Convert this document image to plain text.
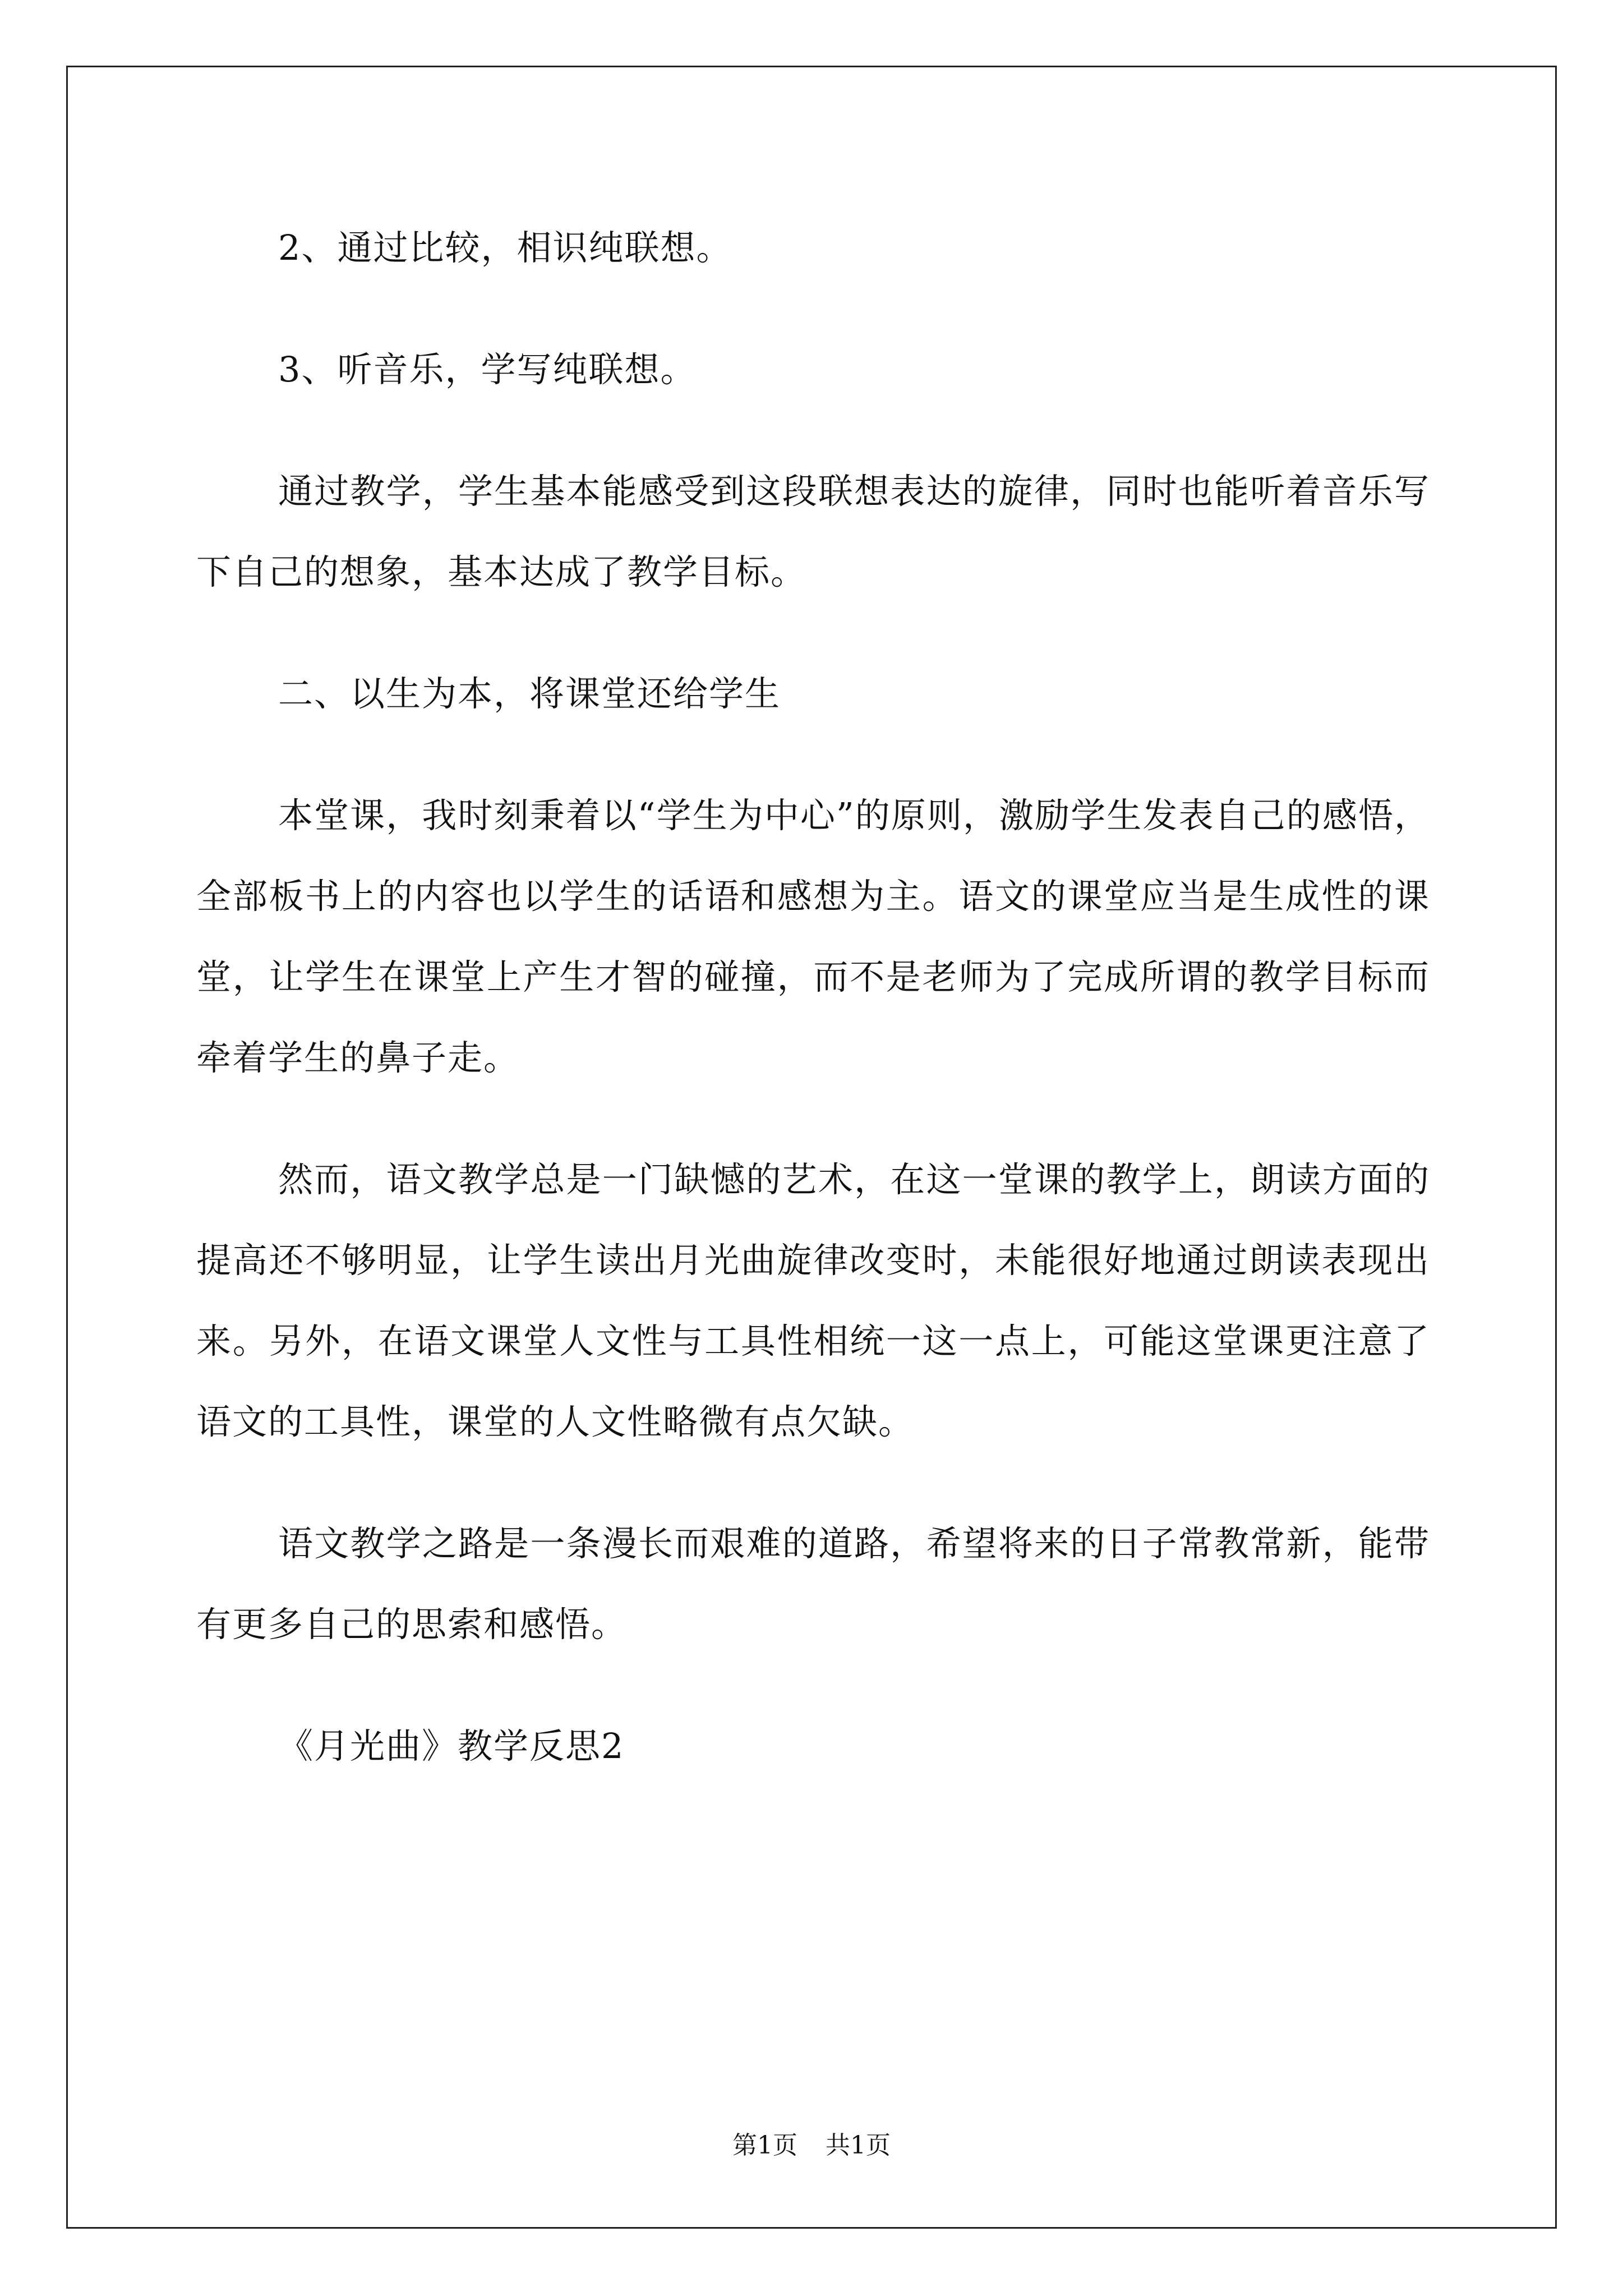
2、通过比较，相识纯联想。

3、听音乐，学写纯联想。

通过教学，学生基本能感受到这段联想表达的旋律，同时也能听着音乐写下自己的想象，基本达成了教学目标。

二、以生为本，将课堂还给学生

本堂课，我时刻秉着以“学生为中心”的原则，激励学生发表自己的感悟，全部板书上的内容也以学生的话语和感想为主。语文的课堂应当是生成性的课堂，让学生在课堂上产生才智的碰撞，而不是老师为了完成所谓的教学目标而牵着学生的鼻子走。

然而，语文教学总是一门缺憾的艺术，在这一堂课的教学上，朗读方面的提高还不够明显，让学生读出月光曲旋律改变时，未能很好地通过朗读表现出来。另外，在语文课堂人文性与工具性相统一这一点上，可能这堂课更注意了语文的工具性，课堂的人文性略微有点欠缺。

语文教学之路是一条漫长而艰难的道路，希望将来的日子常教常新，能带有更多自己的思索和感悟。

《月光曲》教学反思2

第1页 共1页
